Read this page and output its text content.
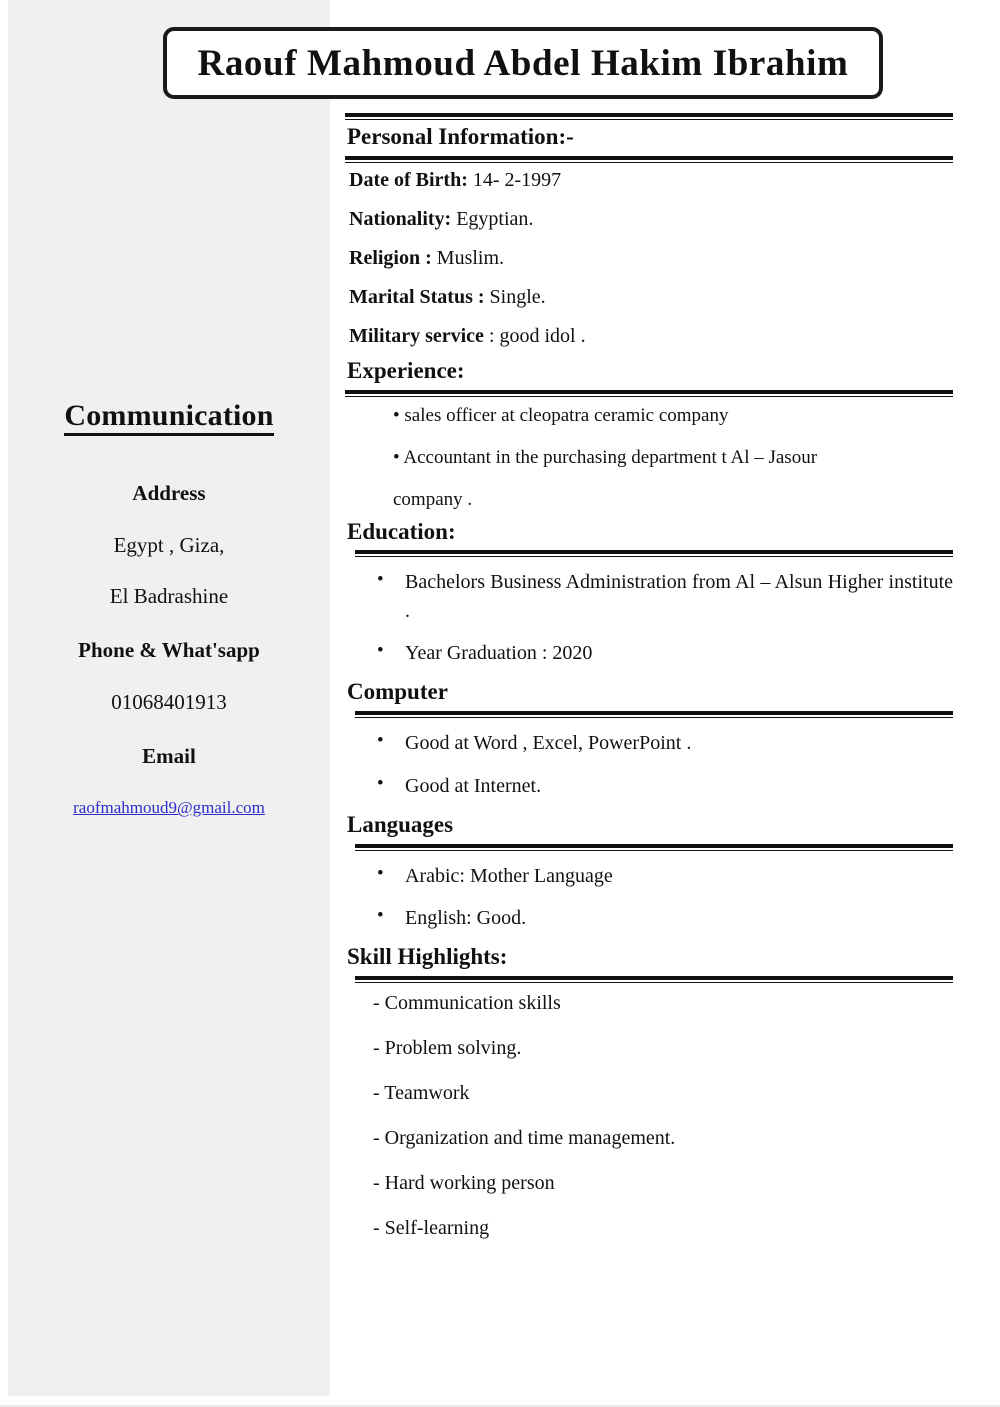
Raouf Mahmoud Abdel Hakim Ibrahim
Communication
Address
Egypt , Giza,
El Badrashine
Phone & What'sapp
01068401913
Email
raofmahmoud9@gmail.com
Personal Information:-
Date of Birth: 14- 2-1997
Nationality: Egyptian.
Religion : Muslim.
Marital Status : Single.
Military service : good idol .
Experience:
• sales officer at cleopatra ceramic company
• Accountant in the purchasing department t Al – Jasour
company .
Education:
• Bachelors Business Administration from Al – Alsun Higher institute .
• Year Graduation : 2020
Computer
• Good at Word , Excel, PowerPoint .
• Good at Internet.
Languages
• Arabic: Mother Language
• English: Good.
Skill Highlights:
- Communication skills
- Problem solving.
- Teamwork
- Organization and time management.
- Hard working person
- Self-learning
